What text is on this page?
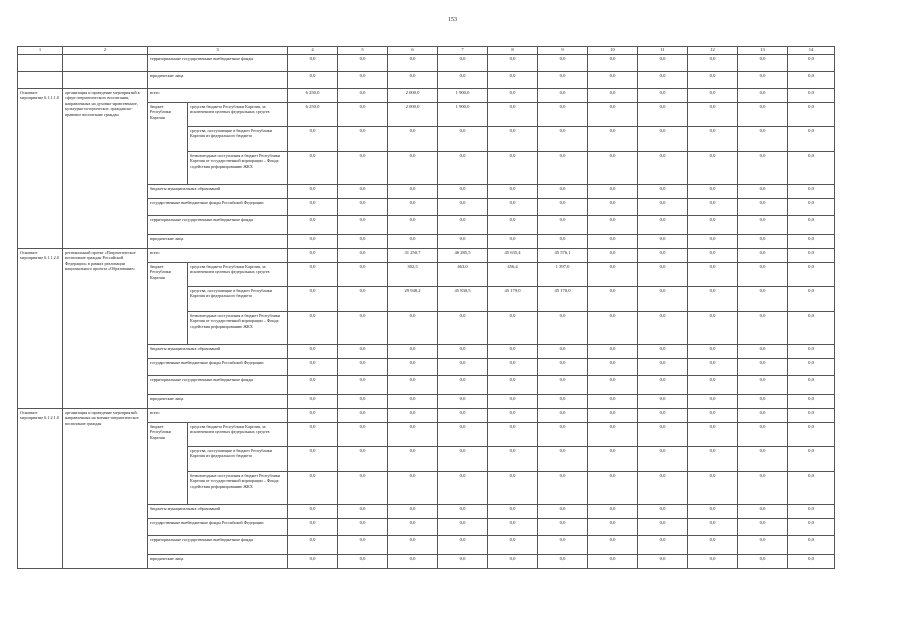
153
1	2	3		4	5	6	7	8	9	10	11	12	13	14
		территориальные государственные внебюджетные фонды		0,0	0,0	0,0	0,0	0,0	0,0	0,0	0,0	0,0	0,0	0,0
		юридические лица		0,0	0,0	0,0	0,0	0,0	0,0	0,0	0,0	0,0	0,0	0,0
Основное мероприятие 6.1.1.1.0	организация и проведение мероприятий в сфере патриотического воспитания, направленных на духовно-нравственное, культурно-историческое, гражданско-правовое воспитание граждан	всего		6 250,0	0,0	2 000,0	1 900,0	0,0	0,0	0,0	0,0	0,0	0,0	0,0
		бюджет Республики Карелия	средства бюджета Республики Карелия, за исключением целевых федеральных средств	6 250,0	0,0	2 000,0	1 900,0	0,0	0,0	0,0	0,0	0,0	0,0	0,0
			средства, поступающие в бюджет Республики Карелия из федерального бюджета	0,0	0,0	0,0	0,0	0,0	0,0	0,0	0,0	0,0	0,0	0,0
			безвозмездные поступления в бюджет Республики Карелия от государственной корпорации – Фонда содействия реформированию ЖКХ	0,0	0,0	0,0	0,0	0,0	0,0	0,0	0,0	0,0	0,0	0,0
		бюджеты муниципальных образований		0,0	0,0	0,0	0,0	0,0	0,0	0,0	0,0	0,0	0,0	0,0
		государственные внебюджетные фонды Российской Федерации		0,0	0,0	0,0	0,0	0,0	0,0	0,0	0,0	0,0	0,0	0,0
		территориальные государственные внебюджетные фонды		0,0	0,0	0,0	0,0	0,0	0,0	0,0	0,0	0,0	0,0	0,0
		юридические лица		0,0	0,0	0,0	0,0	0,0	0,0	0,0	0,0	0,0	0,0	0,0
Основное мероприятие 6.1.1.2.0	региональный проект «Патриотическое воспитание граждан Российской Федерации» в рамках реализации национального проекта «Образование»	всего		0,0	0,0	31 250,7	46 285,5	45 635,4	45 576,1	0,0	0,0	0,0	0,0	0,0
		бюджет Республики Карелия	средства бюджета Республики Карелия, за исключением целевых федеральных средств	0,0	0,0	302,5	463,0	456,4	1 397,0	0,0	0,0	0,0	0,0	0,0
			средства, поступающие в бюджет Республики Карелия из федерального бюджета	0,0	0,0	29 948,2	45 830,5	45 179,0	45 170,0	0,0	0,0	0,0	0,0	0,0
			безвозмездные поступления в бюджет Республики Карелия от государственной корпорации – Фонда содействия реформированию ЖКХ	0,0	0,0	0,0	0,0	0,0	0,0	0,0	0,0	0,0	0,0	0,0
		бюджеты муниципальных образований		0,0	0,0	0,0	0,0	0,0	0,0	0,0	0,0	0,0	0,0	0,0
		государственные внебюджетные фонды Российской Федерации		0,0	0,0	0,0	0,0	0,0	0,0	0,0	0,0	0,0	0,0	0,0
		территориальные государственные внебюджетные фонды		0,0	0,0	0,0	0,0	0,0	0,0	0,0	0,0	0,0	0,0	0,0
		юридические лица		0,0	0,0	0,0	0,0	0,0	0,0	0,0	0,0	0,0	0,0	0,0
Основное мероприятие 6.1.2.1.0	организация и проведение мероприятий, направленных на военно-патриотическое воспитание граждан	всего		0,0	0,0	0,0	0,0	0,0	0,0	0,0	0,0	0,0	0,0	0,0
		бюджет Республики Карелия	средства бюджета Республики Карелия, за исключением целевых федеральных средств	0,0	0,0	0,0	0,0	0,0	0,0	0,0	0,0	0,0	0,0	0,0
			средства, поступающие в бюджет Республики Карелия из федерального бюджета	0,0	0,0	0,0	0,0	0,0	0,0	0,0	0,0	0,0	0,0	0,0
			безвозмездные поступления в бюджет Республики Карелия от государственной корпорации – Фонда содействия реформированию ЖКХ	0,0	0,0	0,0	0,0	0,0	0,0	0,0	0,0	0,0	0,0	0,0
		бюджеты муниципальных образований		0,0	0,0	0,0	0,0	0,0	0,0	0,0	0,0	0,0	0,0	0,0
		государственные внебюджетные фонды Российской Федерации		0,0	0,0	0,0	0,0	0,0	0,0	0,0	0,0	0,0	0,0	0,0
		территориальные государственные внебюджетные фонды		0,0	0,0	0,0	0,0	0,0	0,0	0,0	0,0	0,0	0,0	0,0
		юридические лица		0,0	0,0	0,0	0,0	0,0	0,0	0,0	0,0	0,0	0,0	0,0
